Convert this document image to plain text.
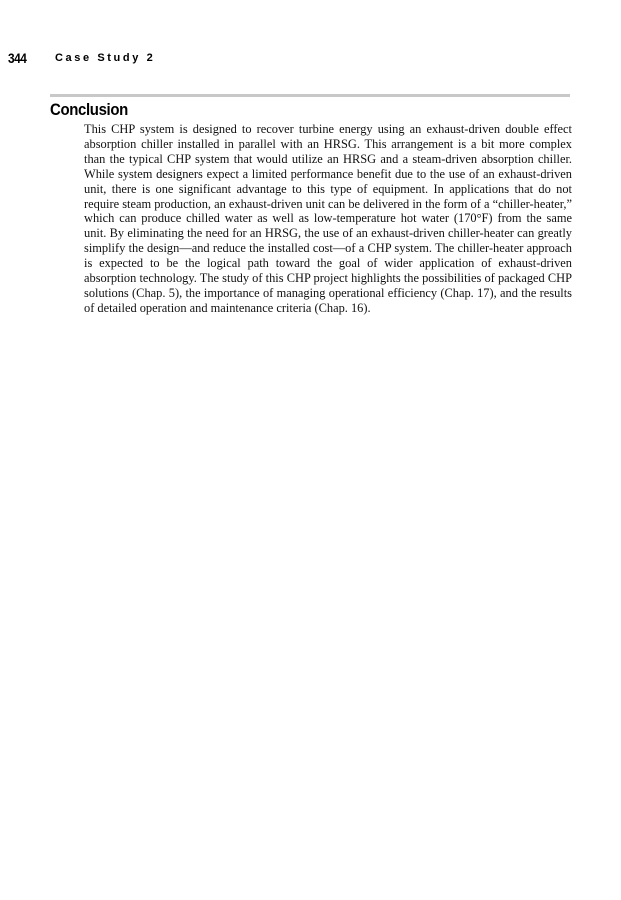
344	Case Study 2
Conclusion

This CHP system is designed to recover turbine energy using an exhaust-driven double effect absorption chiller installed in parallel with an HRSG. This arrangement is a bit more complex than the typical CHP system that would utilize an HRSG and a steam-driven absorption chiller. While system designers expect a limited performance benefit due to the use of an exhaust-driven unit, there is one significant advantage to this type of equipment. In applications that do not require steam production, an exhaust-driven unit can be delivered in the form of a “chiller-heater,” which can produce chilled water as well as low-temperature hot water (170°F) from the same unit. By eliminating the need for an HRSG, the use of an exhaust-driven chiller-heater can greatly simplify the design—and reduce the installed cost—of a CHP system. The chiller-heater approach is expected to be the logical path toward the goal of wider application of exhaust-driven absorption technology. The study of this CHP project highlights the possibilities of packaged CHP solutions (Chap. 5), the importance of managing operational efficiency (Chap. 17), and the results of detailed operation and maintenance criteria (Chap. 16).
